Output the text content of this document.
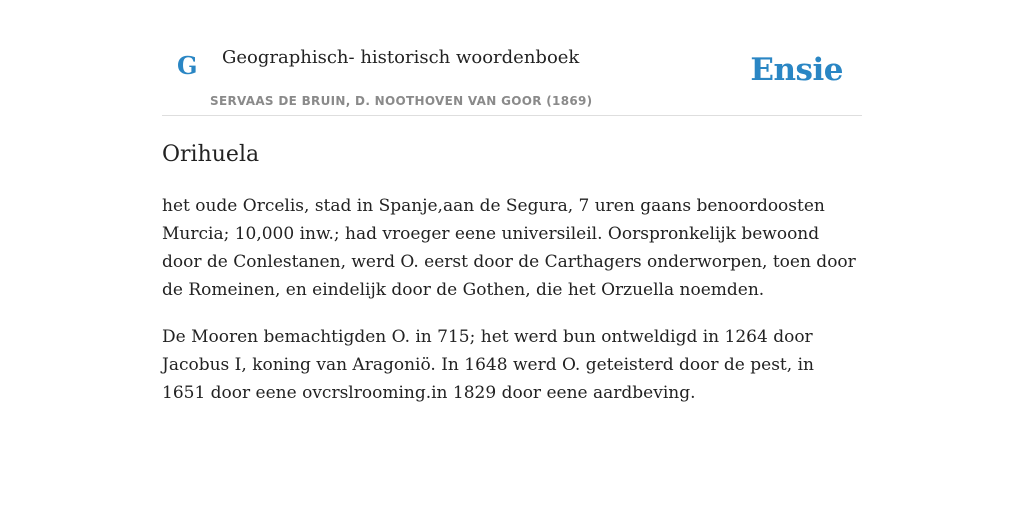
G Geographisch- historisch woordenboek
SERVAAS DE BRUIN, D. NOOTHOVEN VAN GOOR (1869)
Ensie
Orihuela

het oude Orcelis, stad in Spanje,aan de Segura, 7 uren gaans benoordoosten Murcia; 10,000 inw.; had vroeger eene universileil. Oorspronkelijk bewoond door de Conlestanen, werd O. eerst door de Carthagers onderworpen, toen door de Romeinen, en eindelijk door de Gothen, die het Orzuella noemden.

De Mooren bemachtigden O. in 715; het werd bun ontweldigd in 1264 door Jacobus I, koning van Aragoniö. In 1648 werd O. geteisterd door de pest, in 1651 door eene ovcrslrooming.in 1829 door eene aardbeving.
